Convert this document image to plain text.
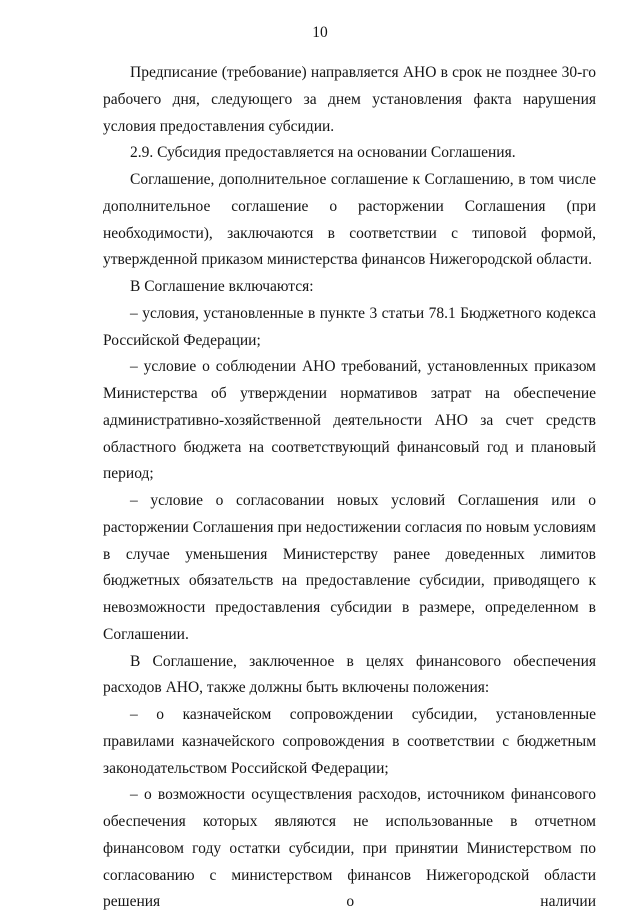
10

Предписание (требование) направляется АНО в срок не позднее 30-го рабочего дня, следующего за днем установления факта нарушения условия предоставления субсидии.

2.9. Субсидия предоставляется на основании Соглашения.

Соглашение, дополнительное соглашение к Соглашению, в том числе дополнительное соглашение о расторжении Соглашения (при необходимости), заключаются в соответствии с типовой формой, утвержденной приказом министерства финансов Нижегородской области.

В Соглашение включаются:

– условия, установленные в пункте 3 статьи 78.1 Бюджетного кодекса Российской Федерации;

– условие о соблюдении АНО требований, установленных приказом Министерства об утверждении нормативов затрат на обеспечение административно-хозяйственной деятельности АНО за счет средств областного бюджета на соответствующий финансовый год и плановый период;

– условие о согласовании новых условий Соглашения или о расторжении Соглашения при недостижении согласия по новым условиям в случае уменьшения Министерству ранее доведенных лимитов бюджетных обязательств на предоставление субсидии, приводящего к невозможности предоставления субсидии в размере, определенном в Соглашении.

В Соглашение, заключенное в целях финансового обеспечения расходов АНО, также должны быть включены положения:

– о казначейском сопровождении субсидии, установленные правилами казначейского сопровождения в соответствии с бюджетным законодательством Российской Федерации;

– о возможности осуществления расходов, источником финансового обеспечения которых являются не использованные в отчетном финансовом году остатки субсидии, при принятии Министерством по согласованию с министерством финансов Нижегородской области решения о наличии
